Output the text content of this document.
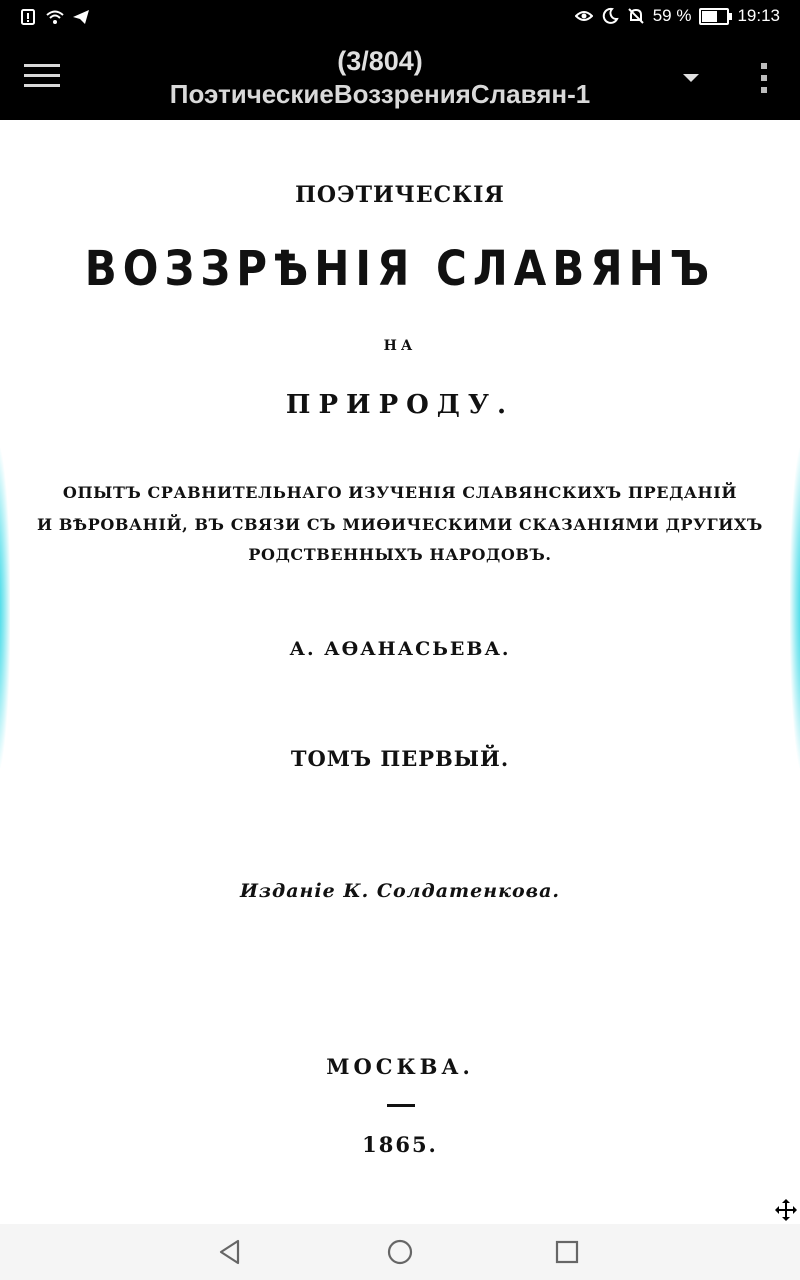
59 %	19:13
(3/804)
ПоэтическиеВоззренияСлавян-1
ПОЭТИЧЕСКІЯ
ВОЗЗРѢНІЯ СЛАВЯНЪ
НА
ПРИРОДУ.
ОПЫТЪ СРАВНИТЕЛЬНАГО ИЗУЧЕНІЯ СЛАВЯНСКИХЪ ПРЕДАНІЙ
И ВѢРОВАНІЙ, ВЪ СВЯЗИ СЪ МИѲИЧЕСКИМИ СКАЗАНІЯМИ ДРУГИХЪ
РОДСТВЕННЫХЪ НАРОДОВЪ.
А. АѲАНАСЬЕВА.
ТОМЪ ПЕРВЫЙ.
Изданіе К. Солдатенкова.
МОСКВА.
1865.
